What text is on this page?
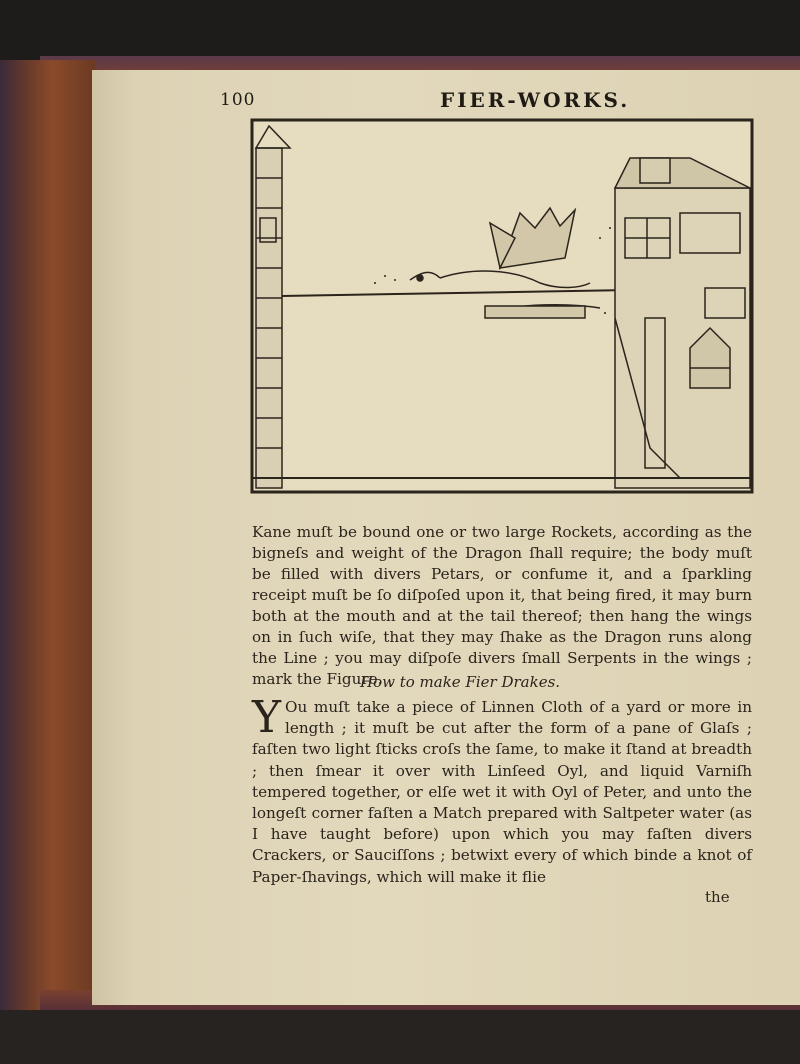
100	FIER-WORKS.

Kane muſt be bound one or two large Rockets, according as the bigneſs and weight of the Dragon ſhall require; the body muſt be filled with divers Petars, or confume it, and a ſparkling receipt muſt be ſo diſpoſed upon it, that being fired, it may burn both at the mouth and at the tail thereof; then hang the wings on in ſuch wiſe, that they may ſhake as the Dragon runs along the Line ; you may diſpoſe divers ſmall Serpents in the wings ; mark the Figure.

How to make Fier Drakes.
Y Ou muſt take a piece of Linnen Cloth of a yard or more in length ; it muſt be cut after the form of a pane of Glaſs ; faſten two light ſticks croſs the ſame, to make it ſtand at breadth ; then ſmear it over with Linſeed Oyl, and liquid Varniſh tempered together, or elſe wet it with Oyl of Peter, and unto the longeſt corner faſten a Match prepared with Saltpeter water (as I have taught before) upon which you may faſten divers Crackers, or Sauciſſons ; betwixt every of which binde a knot of Paper-ſhavings, which will make it flie

the
